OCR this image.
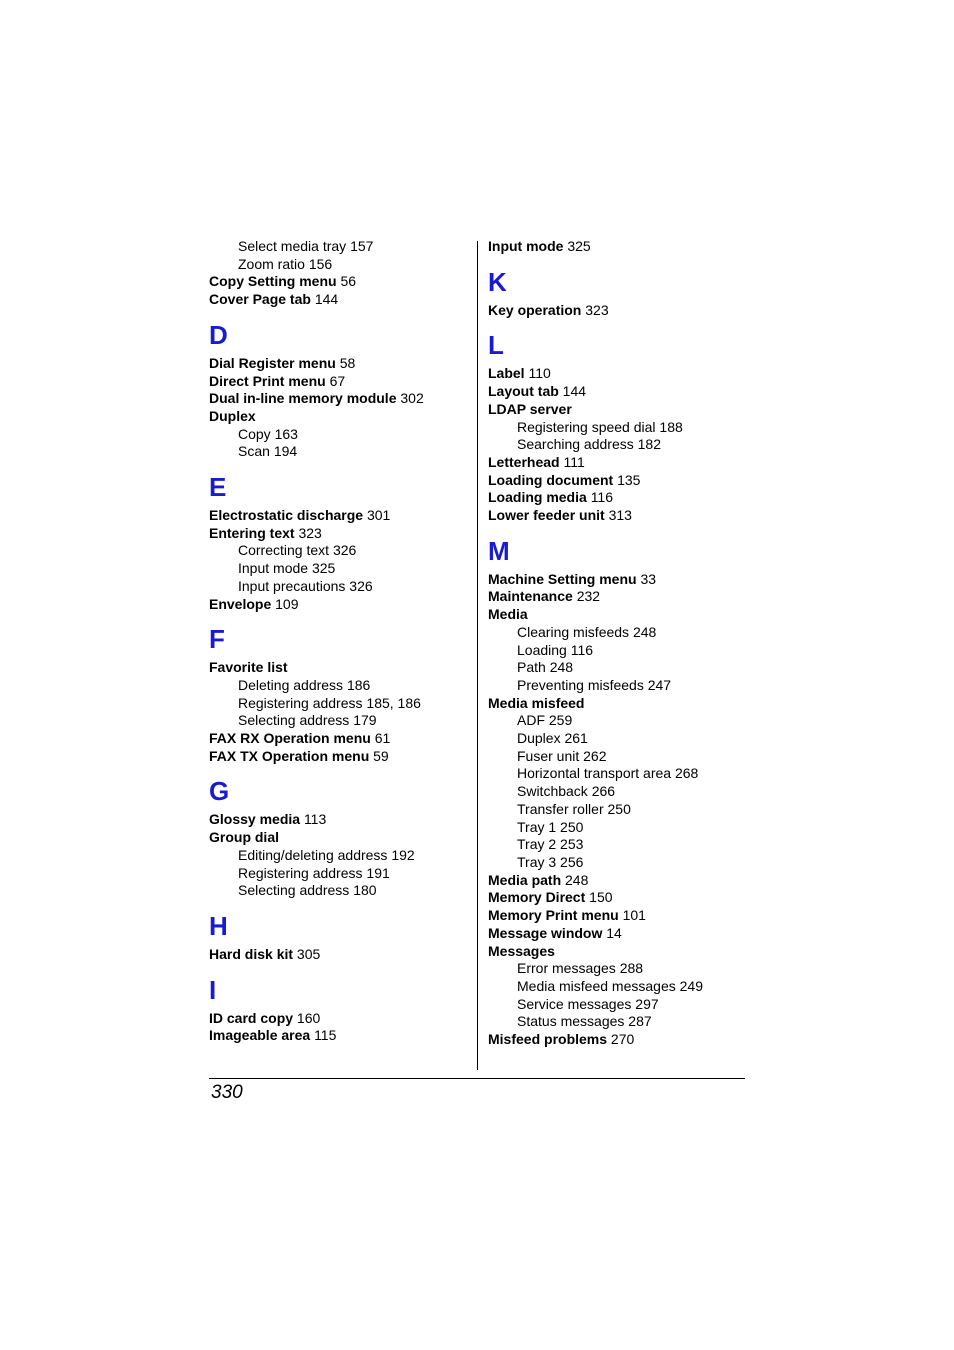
Select media tray 157
Zoom ratio 156
Copy Setting menu 56
Cover Page tab 144
D
Dial Register menu 58
Direct Print menu 67
Dual in-line memory module 302
Duplex
Copy 163
Scan 194
E
Electrostatic discharge 301
Entering text 323
Correcting text 326
Input mode 325
Input precautions 326
Envelope 109
F
Favorite list
Deleting address 186
Registering address 185, 186
Selecting address 179
FAX RX Operation menu 61
FAX TX Operation menu 59
G
Glossy media 113
Group dial
Editing/deleting address 192
Registering address 191
Selecting address 180
H
Hard disk kit 305
I
ID card copy 160
Imageable area 115
Input mode 325
K
Key operation 323
L
Label 110
Layout tab 144
LDAP server
Registering speed dial 188
Searching address 182
Letterhead 111
Loading document 135
Loading media 116
Lower feeder unit 313
M
Machine Setting menu 33
Maintenance 232
Media
Clearing misfeeds 248
Loading 116
Path 248
Preventing misfeeds 247
Media misfeed
ADF 259
Duplex 261
Fuser unit 262
Horizontal transport area 268
Switchback 266
Transfer roller 250
Tray 1 250
Tray 2 253
Tray 3 256
Media path 248
Memory Direct 150
Memory Print menu 101
Message window 14
Messages
Error messages 288
Media misfeed messages 249
Service messages 297
Status messages 287
Misfeed problems 270
330
